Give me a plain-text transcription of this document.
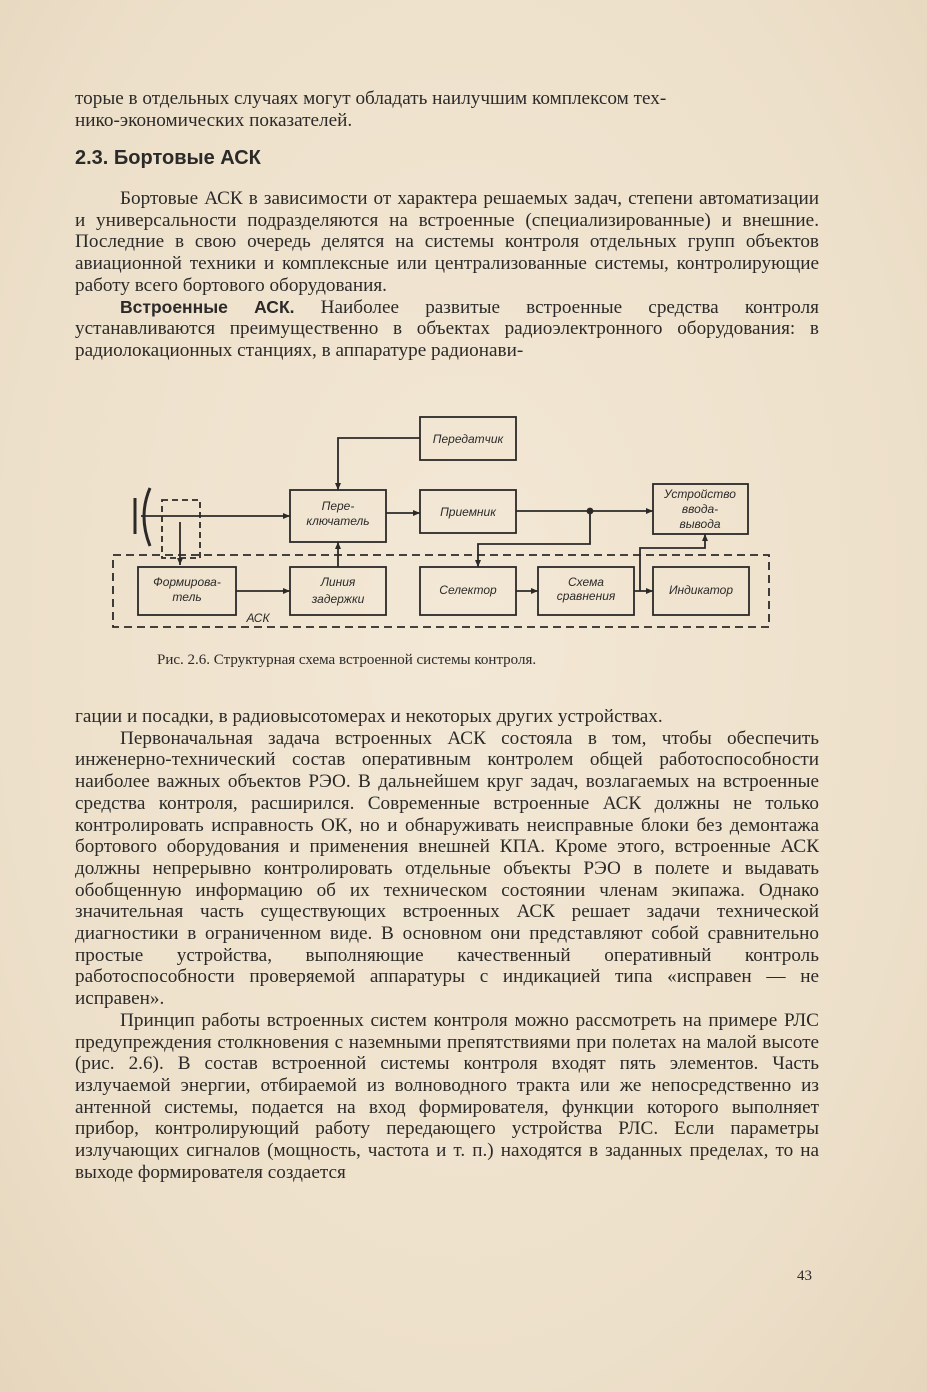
торые в отдельных случаях могут обладать наилучшим комплексом тех-
нико-экономических показателей.
2.3. Бортовые АСК

Бортовые АСК в зависимости от характера решаемых задач, степени автоматизации и универсальности подразделяются на встроенные (специализированные) и внешние. Последние в свою очередь делятся на системы контроля отдельных групп объектов авиационной техники и комплексные или централизованные системы, контролирующие работу всего бортового оборудования.

Встроенные АСК. Наиболее развитые встроенные средства контроля устанавливаются преимущественно в объектах радиоэлектронного оборудования: в радиолокационных станциях, в аппаратуре радионави-

Передатчик
Пере-
ключатель
Приемник
Устройство
ввода-
вывода
Формирова-
тель
Линия
задержки
Селектор
Схема
сравнения	Индикатор
АСК
Рис. 2.6. Структурная схема встроенной системы контроля.

гации и посадки, в радиовысотомерах и некоторых других устройствах.

Первоначальная задача встроенных АСК состояла в том, чтобы обеспечить инженерно-технический состав оперативным контролем общей работоспособности наиболее важных объектов РЭО. В дальнейшем круг задач, возлагаемых на встроенные средства контроля, расширился. Современные встроенные АСК должны не только контролировать исправность ОК, но и обнаруживать неисправные блоки без демонтажа бортового оборудования и применения внешней КПА. Кроме этого, встроенные АСК должны непрерывно контролировать отдельные объекты РЭО в полете и выдавать обобщенную информацию об их техническом состоянии членам экипажа. Однако значительная часть существующих встроенных АСК решает задачи технической диагностики в ограниченном виде. В основном они представляют собой сравнительно простые устройства, выполняющие качественный оперативный контроль работоспособности проверяемой аппаратуры с индикацией типа «исправен — не исправен».

Принцип работы встроенных систем контроля можно рассмотреть на примере РЛС предупреждения столкновения с наземными препятствиями при полетах на малой высоте (рис. 2.6). В состав встроенной системы контроля входят пять элементов. Часть излучаемой энергии, отбираемой из волноводного тракта или же непосредственно из антенной системы, подается на вход формирователя, функции которого выполняет прибор, контролирующий работу передающего устройства РЛС. Если параметры излучающих сигналов (мощность, частота и т. п.) находятся в заданных пределах, то на выходе формирователя создается

43
